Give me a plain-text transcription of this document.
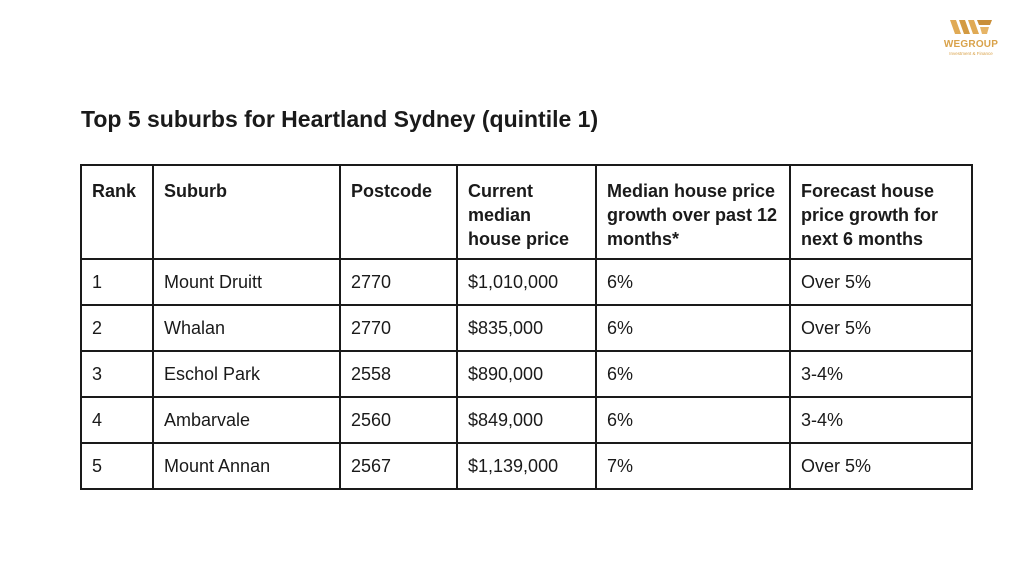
WEGROUP
Investment & Finance
Top 5 suburbs for Heartland Sydney (quintile 1)
Rank	Suburb	Postcode	Current median house price	Median house price growth over past 12 months*	Forecast house price growth for next 6 months
1	Mount Druitt	2770	$1,010,000	6%	Over 5%
2	Whalan	2770	$835,000	6%	Over 5%
3	Eschol Park	2558	$890,000	6%	3-4%
4	Ambarvale	2560	$849,000	6%	3-4%
5	Mount Annan	2567	$1,139,000	7%	Over 5%
